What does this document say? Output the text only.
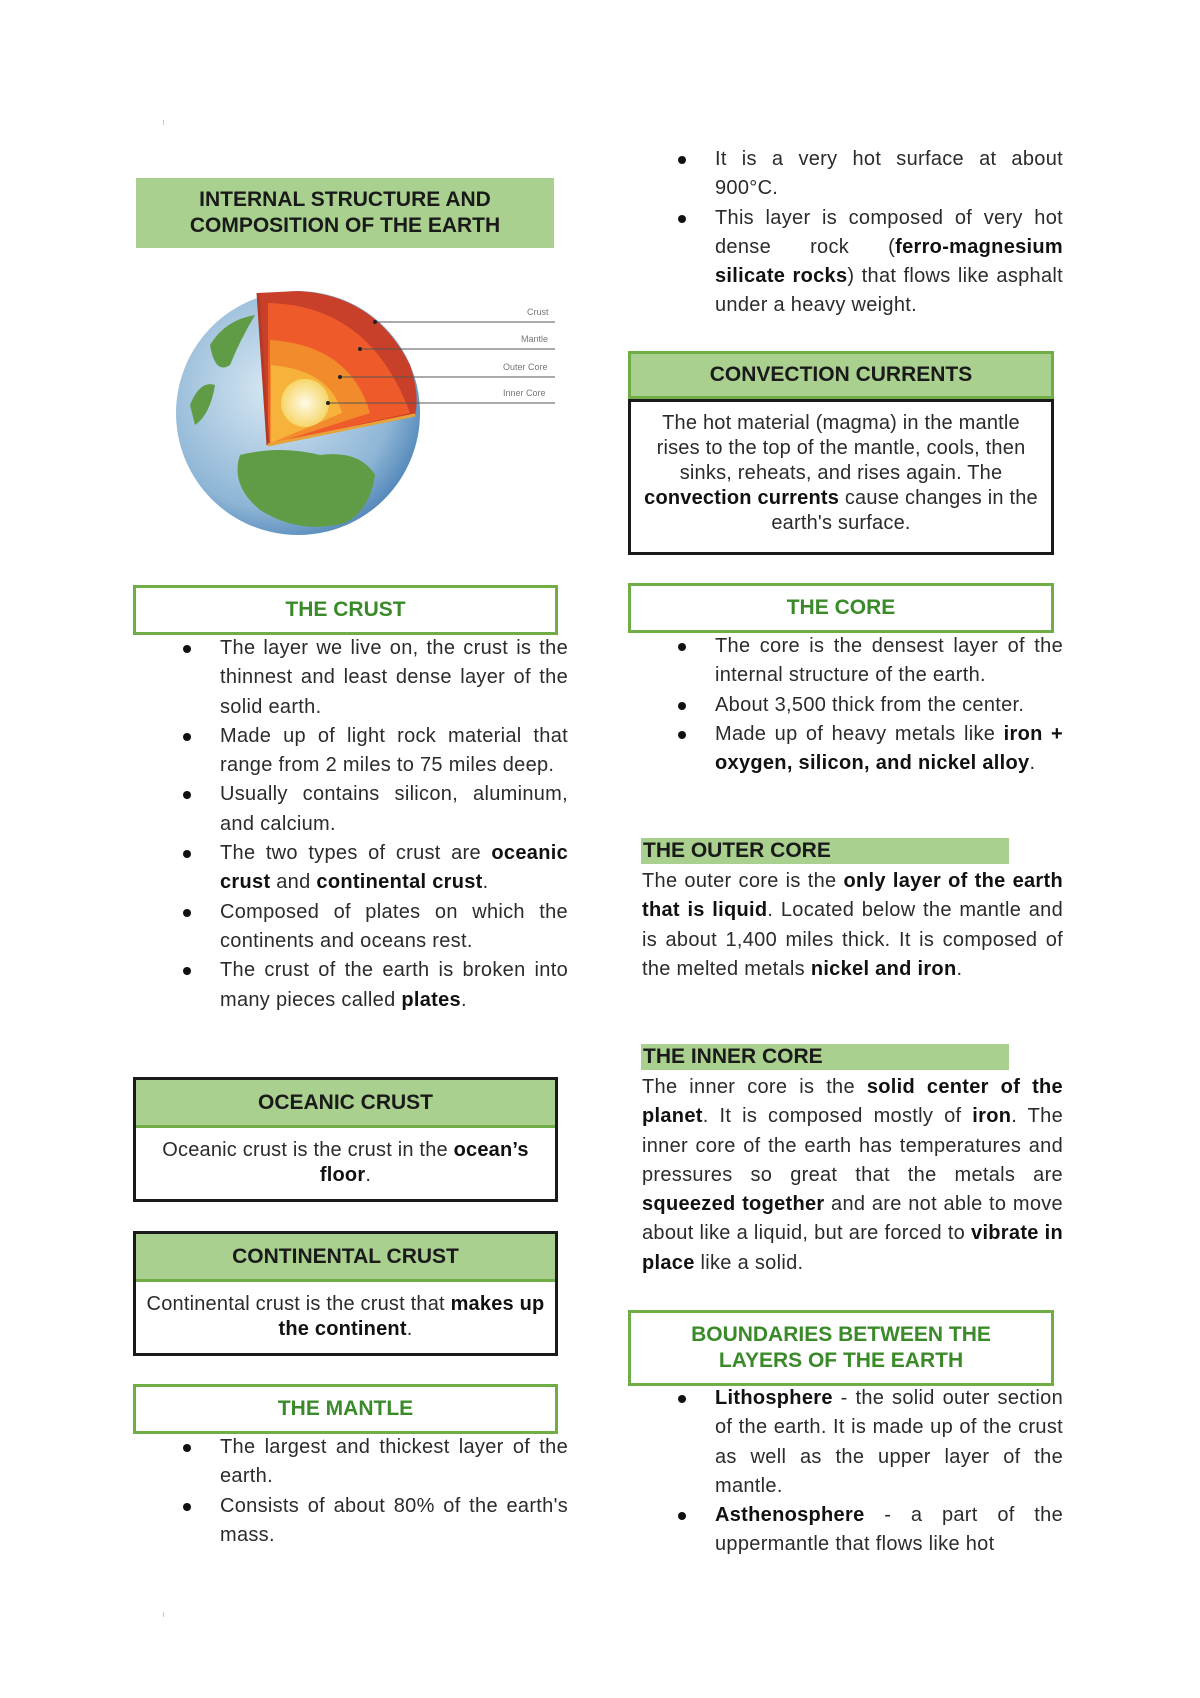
INTERNAL STRUCTURE AND COMPOSITION OF THE EARTH
Crust
Mantle
Outer Core
Inner Core
THE CRUST
The layer we live on, the crust is the thinnest and least dense layer of the solid earth.
Made up of light rock material that range from 2 miles to 75 miles deep.
Usually contains silicon, aluminum, and calcium.
The two types of crust are oceanic crust and continental crust.
Composed of plates on which the continents and oceans rest.
The crust of the earth is broken into many pieces called plates.
OCEANIC CRUST
Oceanic crust is the crust in the ocean’s floor.
CONTINENTAL CRUST
Continental crust is the crust that makes up the continent.
THE MANTLE
The largest and thickest layer of the earth.
Consists of about 80% of the earth's mass.
It is a very hot surface at about 900°C.
This layer is composed of very hot dense rock (ferro-magnesium silicate rocks) that flows like asphalt under a heavy weight.
CONVECTION CURRENTS
The hot material (magma) in the mantle rises to the top of the mantle, cools, then sinks, reheats, and rises again. The convection currents cause changes in the earth's surface.
THE CORE
The core is the densest layer of the internal structure of the earth.
About 3,500 thick from the center.
Made up of heavy metals like iron + oxygen, silicon, and nickel alloy.
THE OUTER CORE
The outer core is the only layer of the earth that is liquid. Located below the mantle and is about 1,400 miles thick. It is composed of the melted metals nickel and iron.
THE INNER CORE
The inner core is the solid center of the planet. It is composed mostly of iron. The inner core of the earth has temperatures and pressures so great that the metals are squeezed together and are not able to move about like a liquid, but are forced to vibrate in place like a solid.
BOUNDARIES BETWEEN THE LAYERS OF THE EARTH
Lithosphere - the solid outer section of the earth. It is made up of the crust as well as the upper layer of the mantle.
Asthenosphere - a part of the uppermantle that flows like hot
